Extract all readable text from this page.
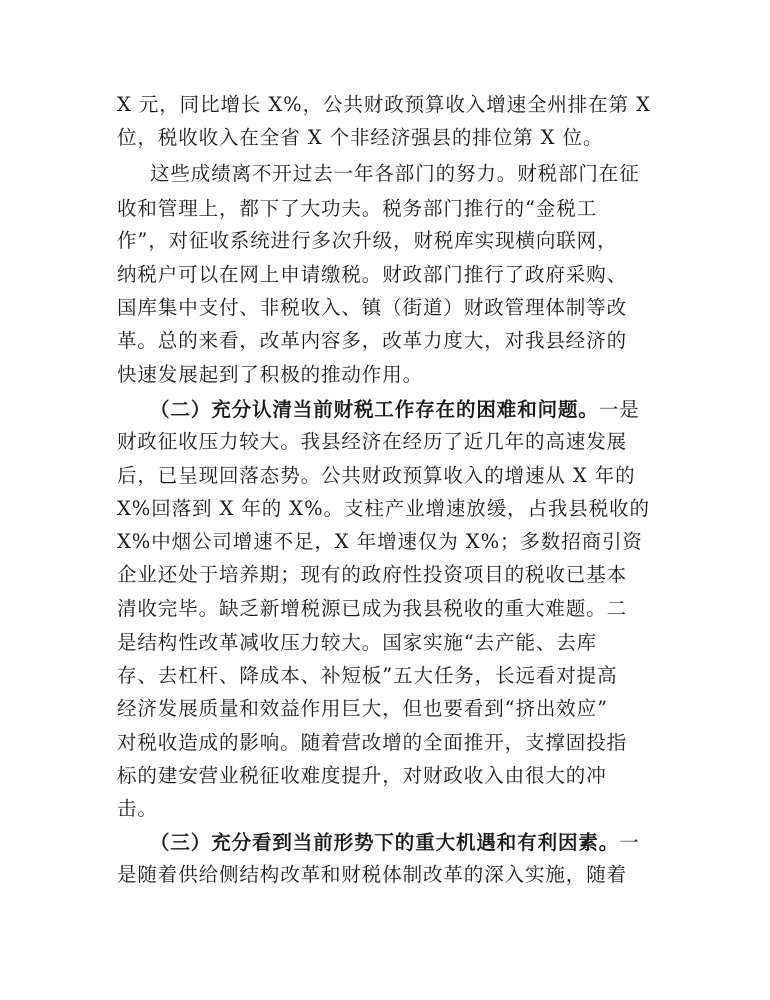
X 元，同比增长 X%，公共财政预算收入增速全州排在第 X
位，税收收入在全省 X 个非经济强县的排位第 X 位。
这些成绩离不开过去一年各部门的努力。财税部门在征
收和管理上，都下了大功夫。税务部门推行的“金税工
作”，对征收系统进行多次升级，财税库实现横向联网，
纳税户可以在网上申请缴税。财政部门推行了政府采购、
国库集中支付、非税收入、镇（街道）财政管理体制等改
革。总的来看，改革内容多，改革力度大，对我县经济的
快速发展起到了积极的推动作用。
（二）充分认清当前财税工作存在的困难和问题。一是
财政征收压力较大。我县经济在经历了近几年的高速发展
后，已呈现回落态势。公共财政预算收入的增速从 X 年的
X%回落到 X 年的 X%。支柱产业增速放缓，占我县税收的
X%中烟公司增速不足，X 年增速仅为 X%；多数招商引资
企业还处于培养期；现有的政府性投资项目的税收已基本
清收完毕。缺乏新增税源已成为我县税收的重大难题。二
是结构性改革减收压力较大。国家实施“去产能、去库
存、去杠杆、降成本、补短板”五大任务，长远看对提高
经济发展质量和效益作用巨大，但也要看到“挤出效应”
对税收造成的影响。随着营改增的全面推开，支撑固投指
标的建安营业税征收难度提升，对财政收入由很大的冲
击。
（三）充分看到当前形势下的重大机遇和有利因素。一
是随着供给侧结构改革和财税体制改革的深入实施，随着
